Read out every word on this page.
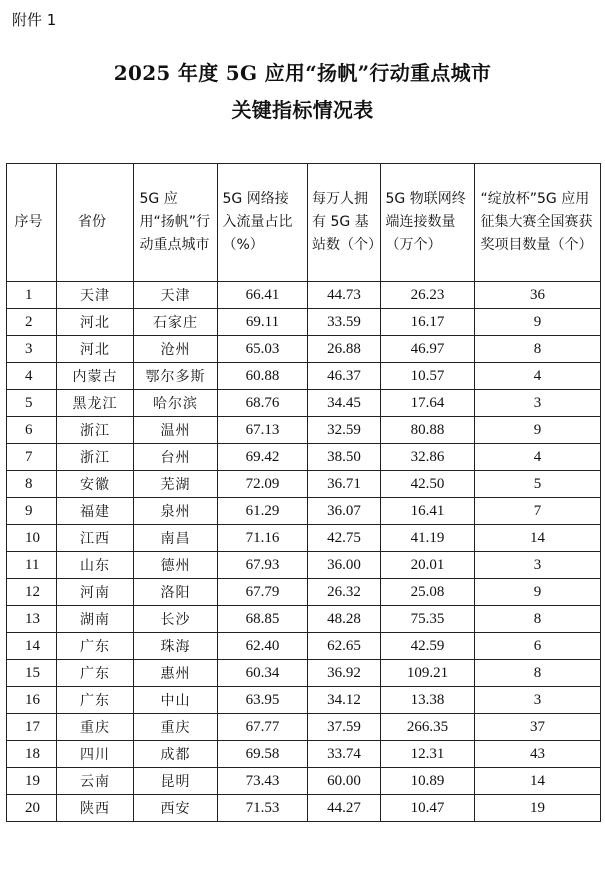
附件 1
2025 年度 5G 应用“扬帆”行动重点城市
关键指标情况表
序号	省份	5G 应用“扬帆”行动重点城市	5G 网络接入流量占比（%）	每万人拥有 5G 基站数（个）	5G 物联网终端连接数量（万个）	“绽放杯”5G 应用征集大赛全国赛获奖项目数量（个）
1	天津	天津	66.41	44.73	26.23	36
2	河北	石家庄	69.11	33.59	16.17	9
3	河北	沧州	65.03	26.88	46.97	8
4	内蒙古	鄂尔多斯	60.88	46.37	10.57	4
5	黑龙江	哈尔滨	68.76	34.45	17.64	3
6	浙江	温州	67.13	32.59	80.88	9
7	浙江	台州	69.42	38.50	32.86	4
8	安徽	芜湖	72.09	36.71	42.50	5
9	福建	泉州	61.29	36.07	16.41	7
10	江西	南昌	71.16	42.75	41.19	14
11	山东	德州	67.93	36.00	20.01	3
12	河南	洛阳	67.79	26.32	25.08	9
13	湖南	长沙	68.85	48.28	75.35	8
14	广东	珠海	62.40	62.65	42.59	6
15	广东	惠州	60.34	36.92	109.21	8
16	广东	中山	63.95	34.12	13.38	3
17	重庆	重庆	67.77	37.59	266.35	37
18	四川	成都	69.58	33.74	12.31	43
19	云南	昆明	73.43	60.00	10.89	14
20	陕西	西安	71.53	44.27	10.47	19
